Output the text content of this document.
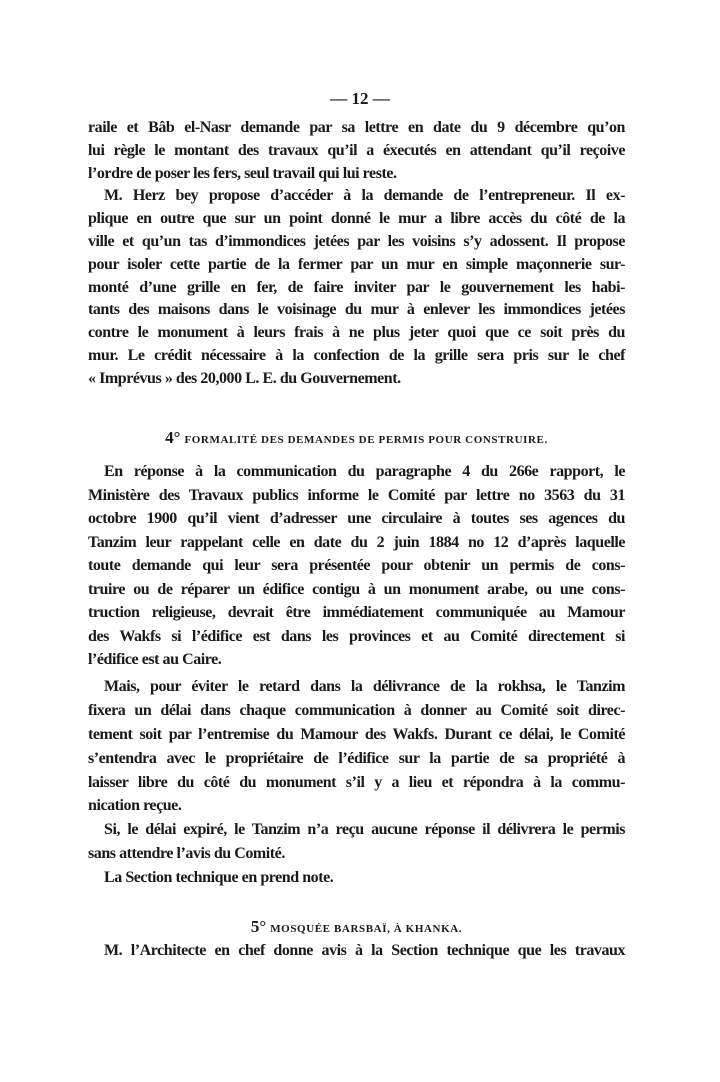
— 12 —
raile et Bâb el-Nasr demande par sa lettre en date du 9 décembre qu’on
lui règle le montant des travaux qu’il a éxecutés en attendant qu’il reçoive
l’ordre de poser les fers, seul travail qui lui reste.
M. Herz bey propose d’accéder à la demande de l’entrepreneur. Il ex-
plique en outre que sur un point donné le mur a libre accès du côté de la
ville et qu’un tas d’immondices jetées par les voisins s’y adossent. Il propose
pour isoler cette partie de la fermer par un mur en simple maçonnerie sur-
monté d’une grille en fer, de faire inviter par le gouvernement les habi-
tants des maisons dans le voisinage du mur à enlever les immondices jetées
contre le monument à leurs frais à ne plus jeter quoi que ce soit près du
mur. Le crédit nécessaire à la confection de la grille sera pris sur le chef
« Imprévus » des 20,000 L. E. du Gouvernement.
4° FORMALITÉ DES DEMANDES DE PERMIS POUR CONSTRUIRE.
En réponse à la communication du paragraphe 4 du 266e rapport, le
Ministère des Travaux publics informe le Comité par lettre no 3563 du 31
octobre 1900 qu’il vient d’adresser une circulaire à toutes ses agences du
Tanzim leur rappelant celle en date du 2 juin 1884 no 12 d’après laquelle
toute demande qui leur sera présentée pour obtenir un permis de cons-
truire ou de réparer un édifice contigu à un monument arabe, ou une cons-
truction religieuse, devrait être immédiatement communiquée au Mamour
des Wakfs si l’édifice est dans les provinces et au Comité directement si
l’édifice est au Caire.
Mais, pour éviter le retard dans la délivrance de la rokhsa, le Tanzim
fixera un délai dans chaque communication à donner au Comité soit direc-
tement soit par l’entremise du Mamour des Wakfs. Durant ce délai, le Comité
s’entendra avec le propriétaire de l’édifice sur la partie de sa propriété à
laisser libre du côté du monument s’il y a lieu et répondra à la commu-
nication reçue.
Si, le délai expiré, le Tanzim n’a reçu aucune réponse il délivrera le permis
sans attendre l’avis du Comité.
La Section technique en prend note.
5° MOSQUÉE BARSBAÏ, À KHANKA.
M. l’Architecte en chef donne avis à la Section technique que les travaux
